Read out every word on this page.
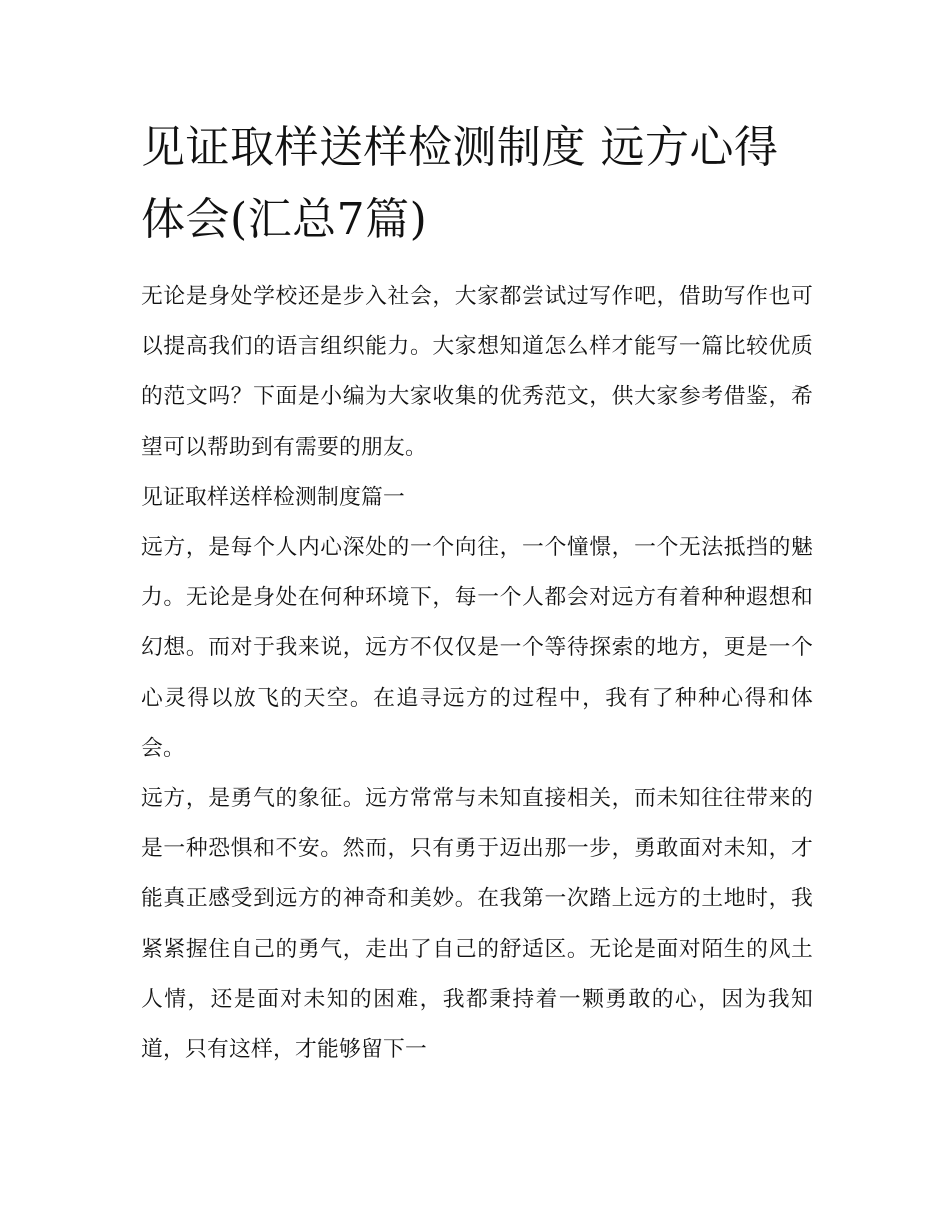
见证取样送样检测制度 远方心得体会(汇总7篇)

无论是身处学校还是步入社会，大家都尝试过写作吧，借助写作也可以提高我们的语言组织能力。大家想知道怎么样才能写一篇比较优质的范文吗？下面是小编为大家收集的优秀范文，供大家参考借鉴，希望可以帮助到有需要的朋友。

见证取样送样检测制度篇一

远方，是每个人内心深处的一个向往，一个憧憬，一个无法抵挡的魅力。无论是身处在何种环境下，每一个人都会对远方有着种种遐想和幻想。而对于我来说，远方不仅仅是一个等待探索的地方，更是一个心灵得以放飞的天空。在追寻远方的过程中，我有了种种心得和体会。

远方，是勇气的象征。远方常常与未知直接相关，而未知往往带来的是一种恐惧和不安。然而，只有勇于迈出那一步，勇敢面对未知，才能真正感受到远方的神奇和美妙。在我第一次踏上远方的土地时，我紧紧握住自己的勇气，走出了自己的舒适区。无论是面对陌生的风土人情，还是面对未知的困难，我都秉持着一颗勇敢的心，因为我知道，只有这样，才能够留下一
